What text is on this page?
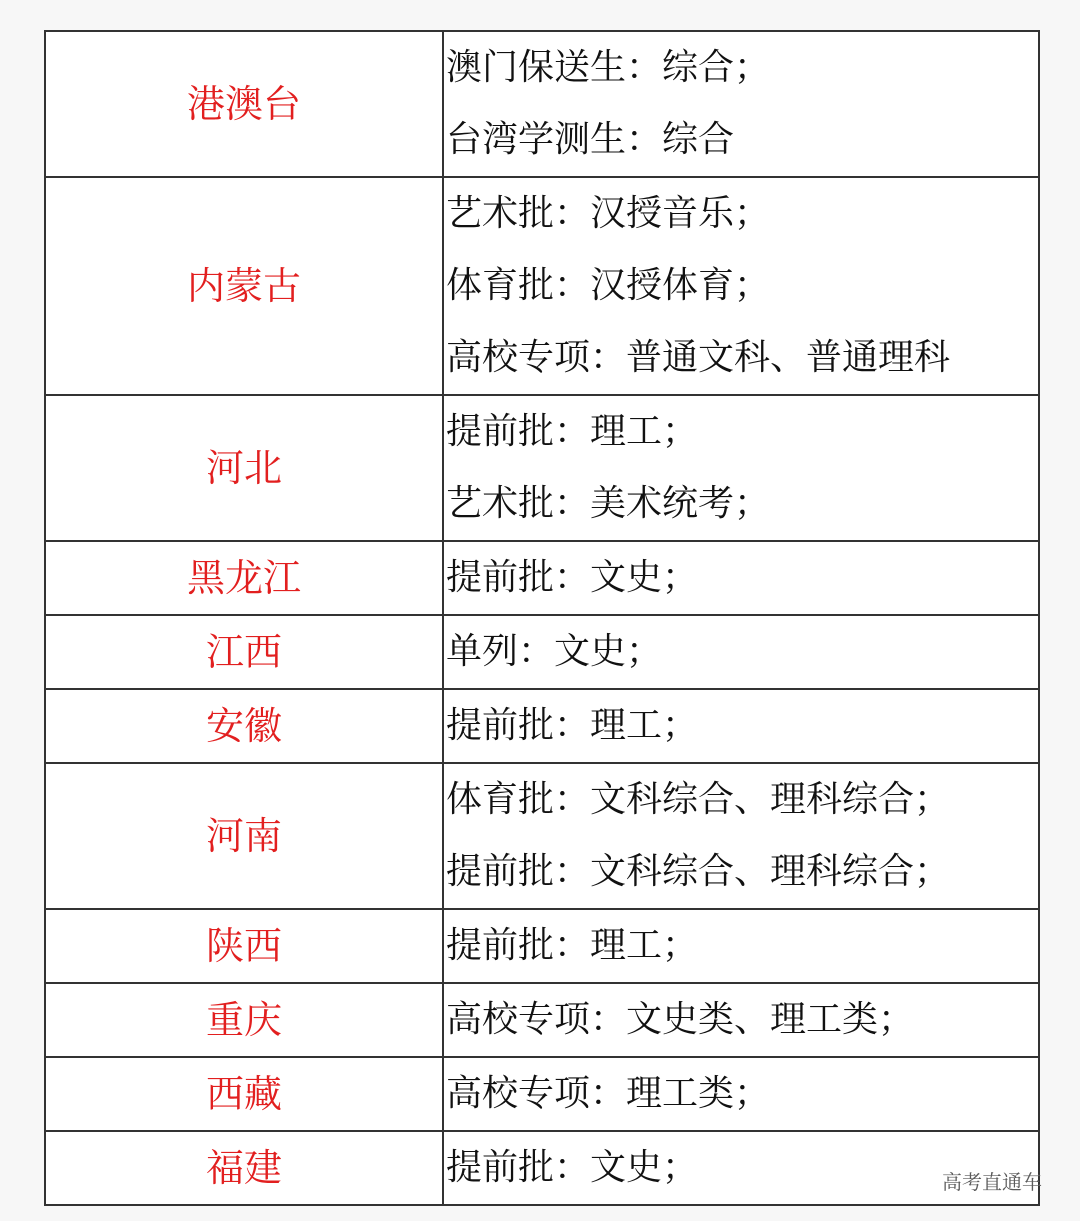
港澳台	澳门保送生：综合；
台湾学测生：综合

内蒙古	艺术批：汉授音乐；
体育批：汉授体育；
高校专项：普通文科、普通理科

河北	提前批：理工；
艺术批：美术统考；

黑龙江	提前批：文史；

江西	单列：文史；

安徽	提前批：理工；

河南	体育批：文科综合、理科综合；
提前批：文科综合、理科综合；

陕西	提前批：理工；

重庆	高校专项：文史类、理工类；

西藏	高校专项：理工类；

福建	提前批：文史；	高考直通车
